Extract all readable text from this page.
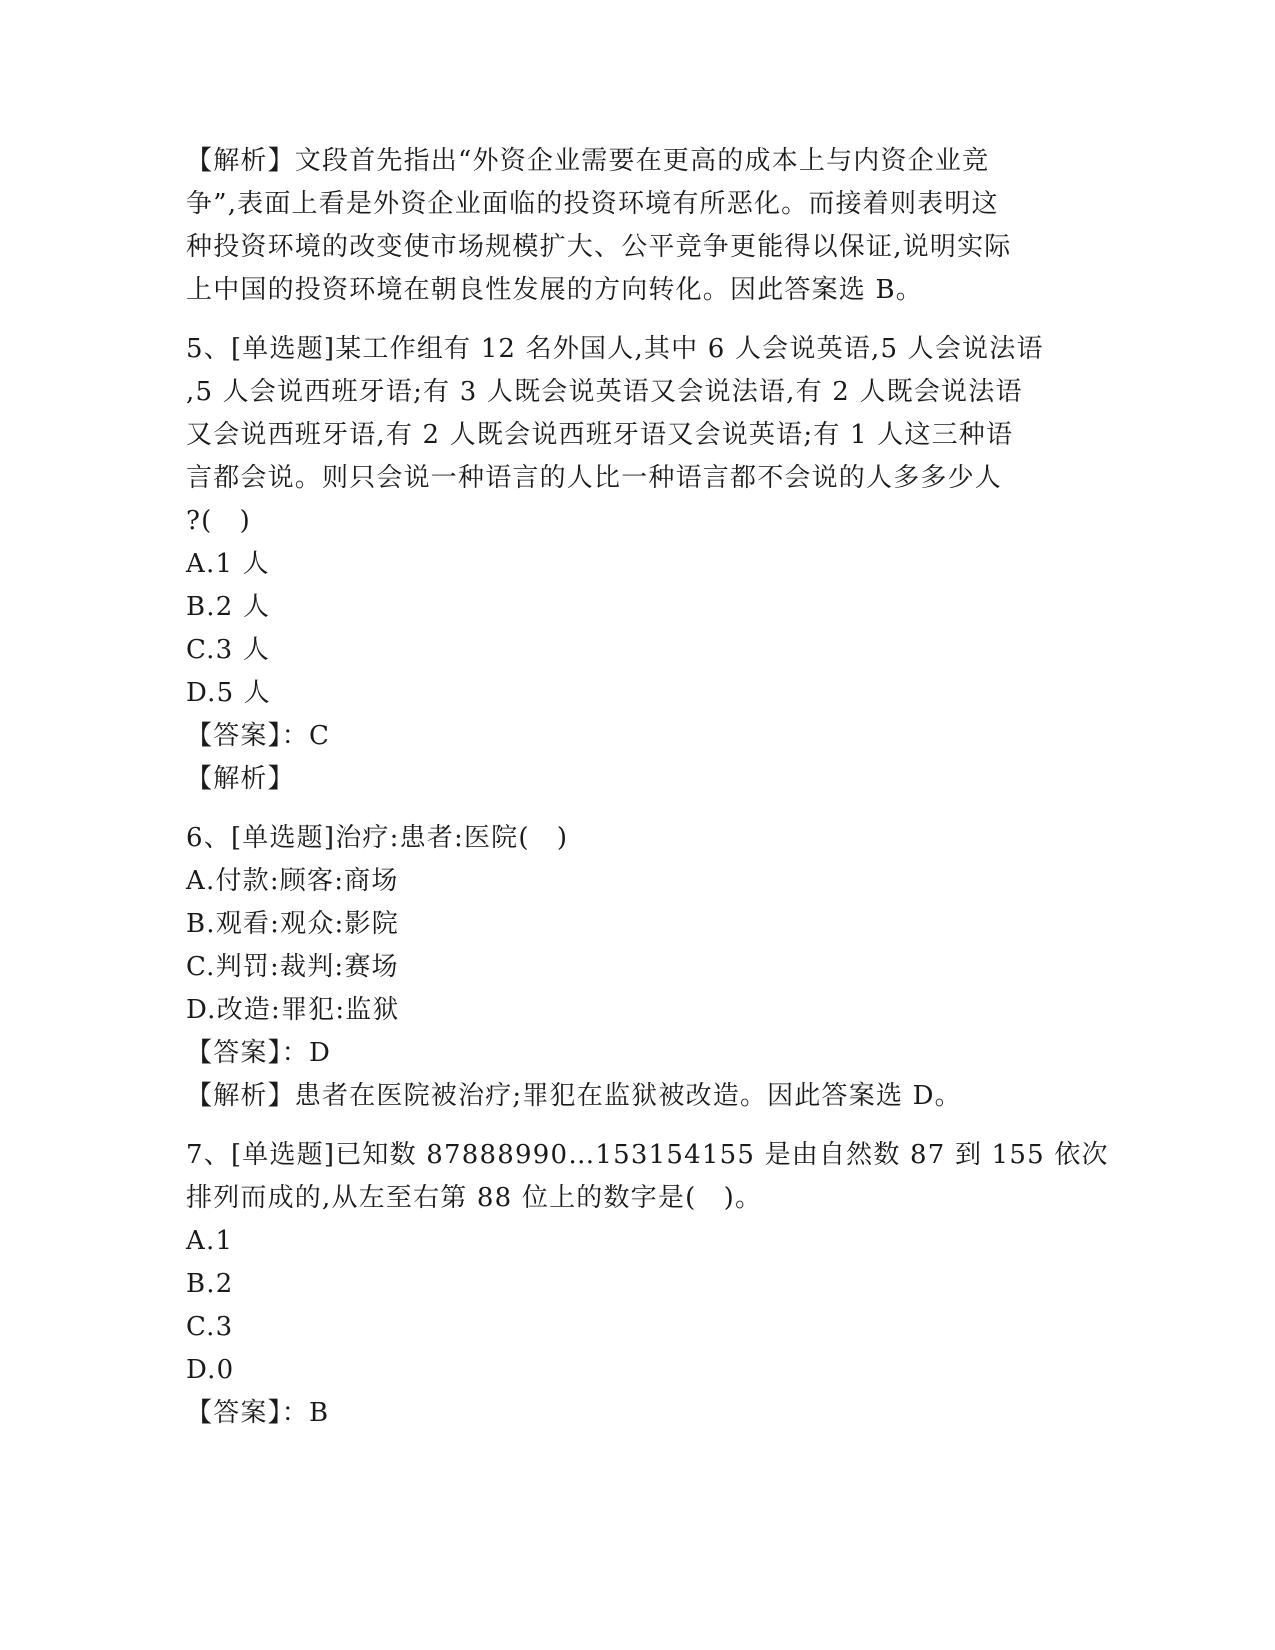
【解析】文段首先指出“外资企业需要在更高的成本上与内资企业竞
争”,表面上看是外资企业面临的投资环境有所恶化。而接着则表明这
种投资环境的改变使市场规模扩大、公平竞争更能得以保证,说明实际
上中国的投资环境在朝良性发展的方向转化。因此答案选 B。
5、[单选题]某工作组有 12 名外国人,其中 6 人会说英语,5 人会说法语
,5 人会说西班牙语;有 3 人既会说英语又会说法语,有 2 人既会说法语
又会说西班牙语,有 2 人既会说西班牙语又会说英语;有 1 人这三种语
言都会说。则只会说一种语言的人比一种语言都不会说的人多多少人
?(　)
A.1 人
B.2 人
C.3 人
D.5 人
【答案】：C
【解析】
6、[单选题]治疗:患者:医院(　)
A.付款:顾客:商场
B.观看:观众:影院
C.判罚:裁判:赛场
D.改造:罪犯:监狱
【答案】：D
【解析】患者在医院被治疗;罪犯在监狱被改造。因此答案选 D。
7、[单选题]已知数 87888990…153154155 是由自然数 87 到 155 依次
排列而成的,从左至右第 88 位上的数字是(　)。
A.1
B.2
C.3
D.0
【答案】：B
